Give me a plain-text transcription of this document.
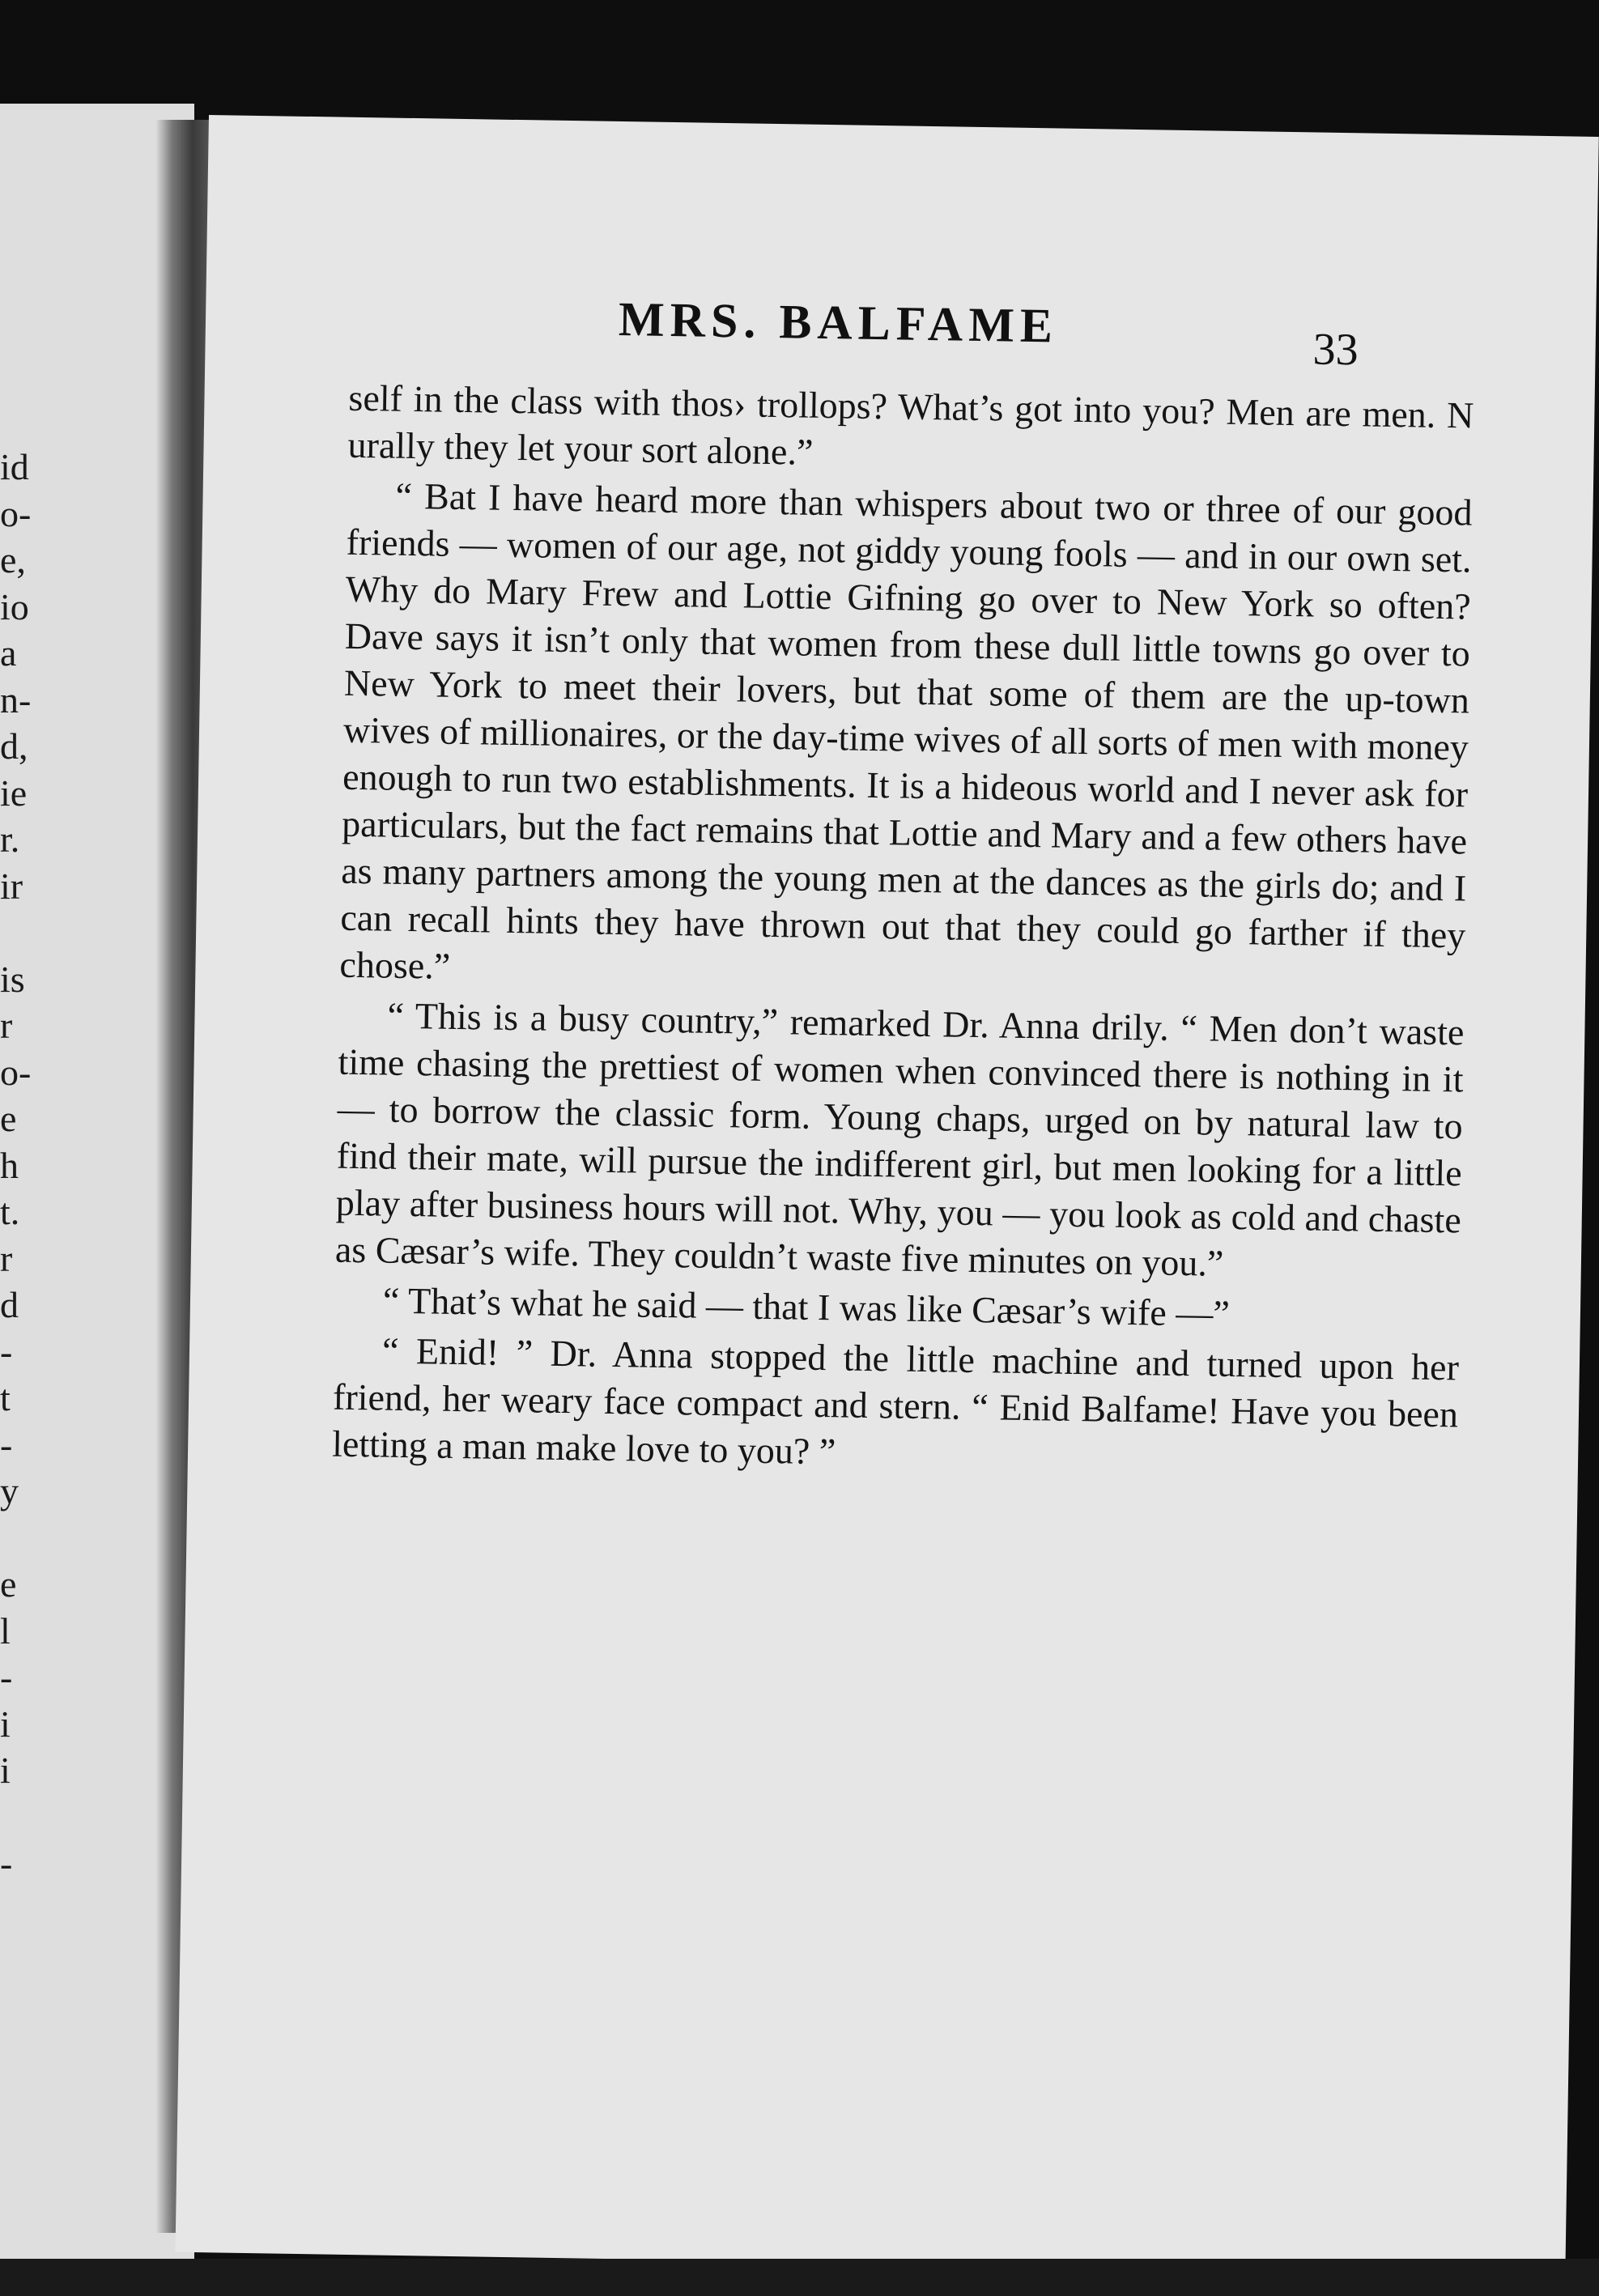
id
o-
e,
io
a
n-
d,
ie
r.
ir

is
r
o-
e
h
t.
r
d
-
t
-
y

e
l
-
i
i

-
MRS. BALFAME	33

self in the class with thos› trollops? What’s got into you? Men are men. N urally they let your sort alone.”

“ Bat I have heard more than whispers about two or three of our good friends — women of our age, not giddy young fools — and in our own set. Why do Mary Frew and Lottie Gifning go over to New York so often? Dave says it isn’t only that women from these dull little towns go over to New York to meet their lovers, but that some of them are the up-town wives of millionaires, or the day-time wives of all sorts of men with money enough to run two establishments. It is a hideous world and I never ask for particulars, but the fact remains that Lottie and Mary and a few others have as many partners among the young men at the dances as the girls do; and I can recall hints they have thrown out that they could go farther if they chose.”

“ This is a busy country,” remarked Dr. Anna drily. “ Men don’t waste time chasing the prettiest of women when convinced there is nothing in it — to borrow the classic form. Young chaps, urged on by natural law to find their mate, will pursue the indifferent girl, but men looking for a little play after business hours will not. Why, you — you look as cold and chaste as Cæsar’s wife. They couldn’t waste five minutes on you.”

“ That’s what he said — that I was like Cæsar’s wife —”

“ Enid! ” Dr. Anna stopped the little machine and turned upon her friend, her weary face compact and stern. “ Enid Balfame! Have you been letting a man make love to you? ”
